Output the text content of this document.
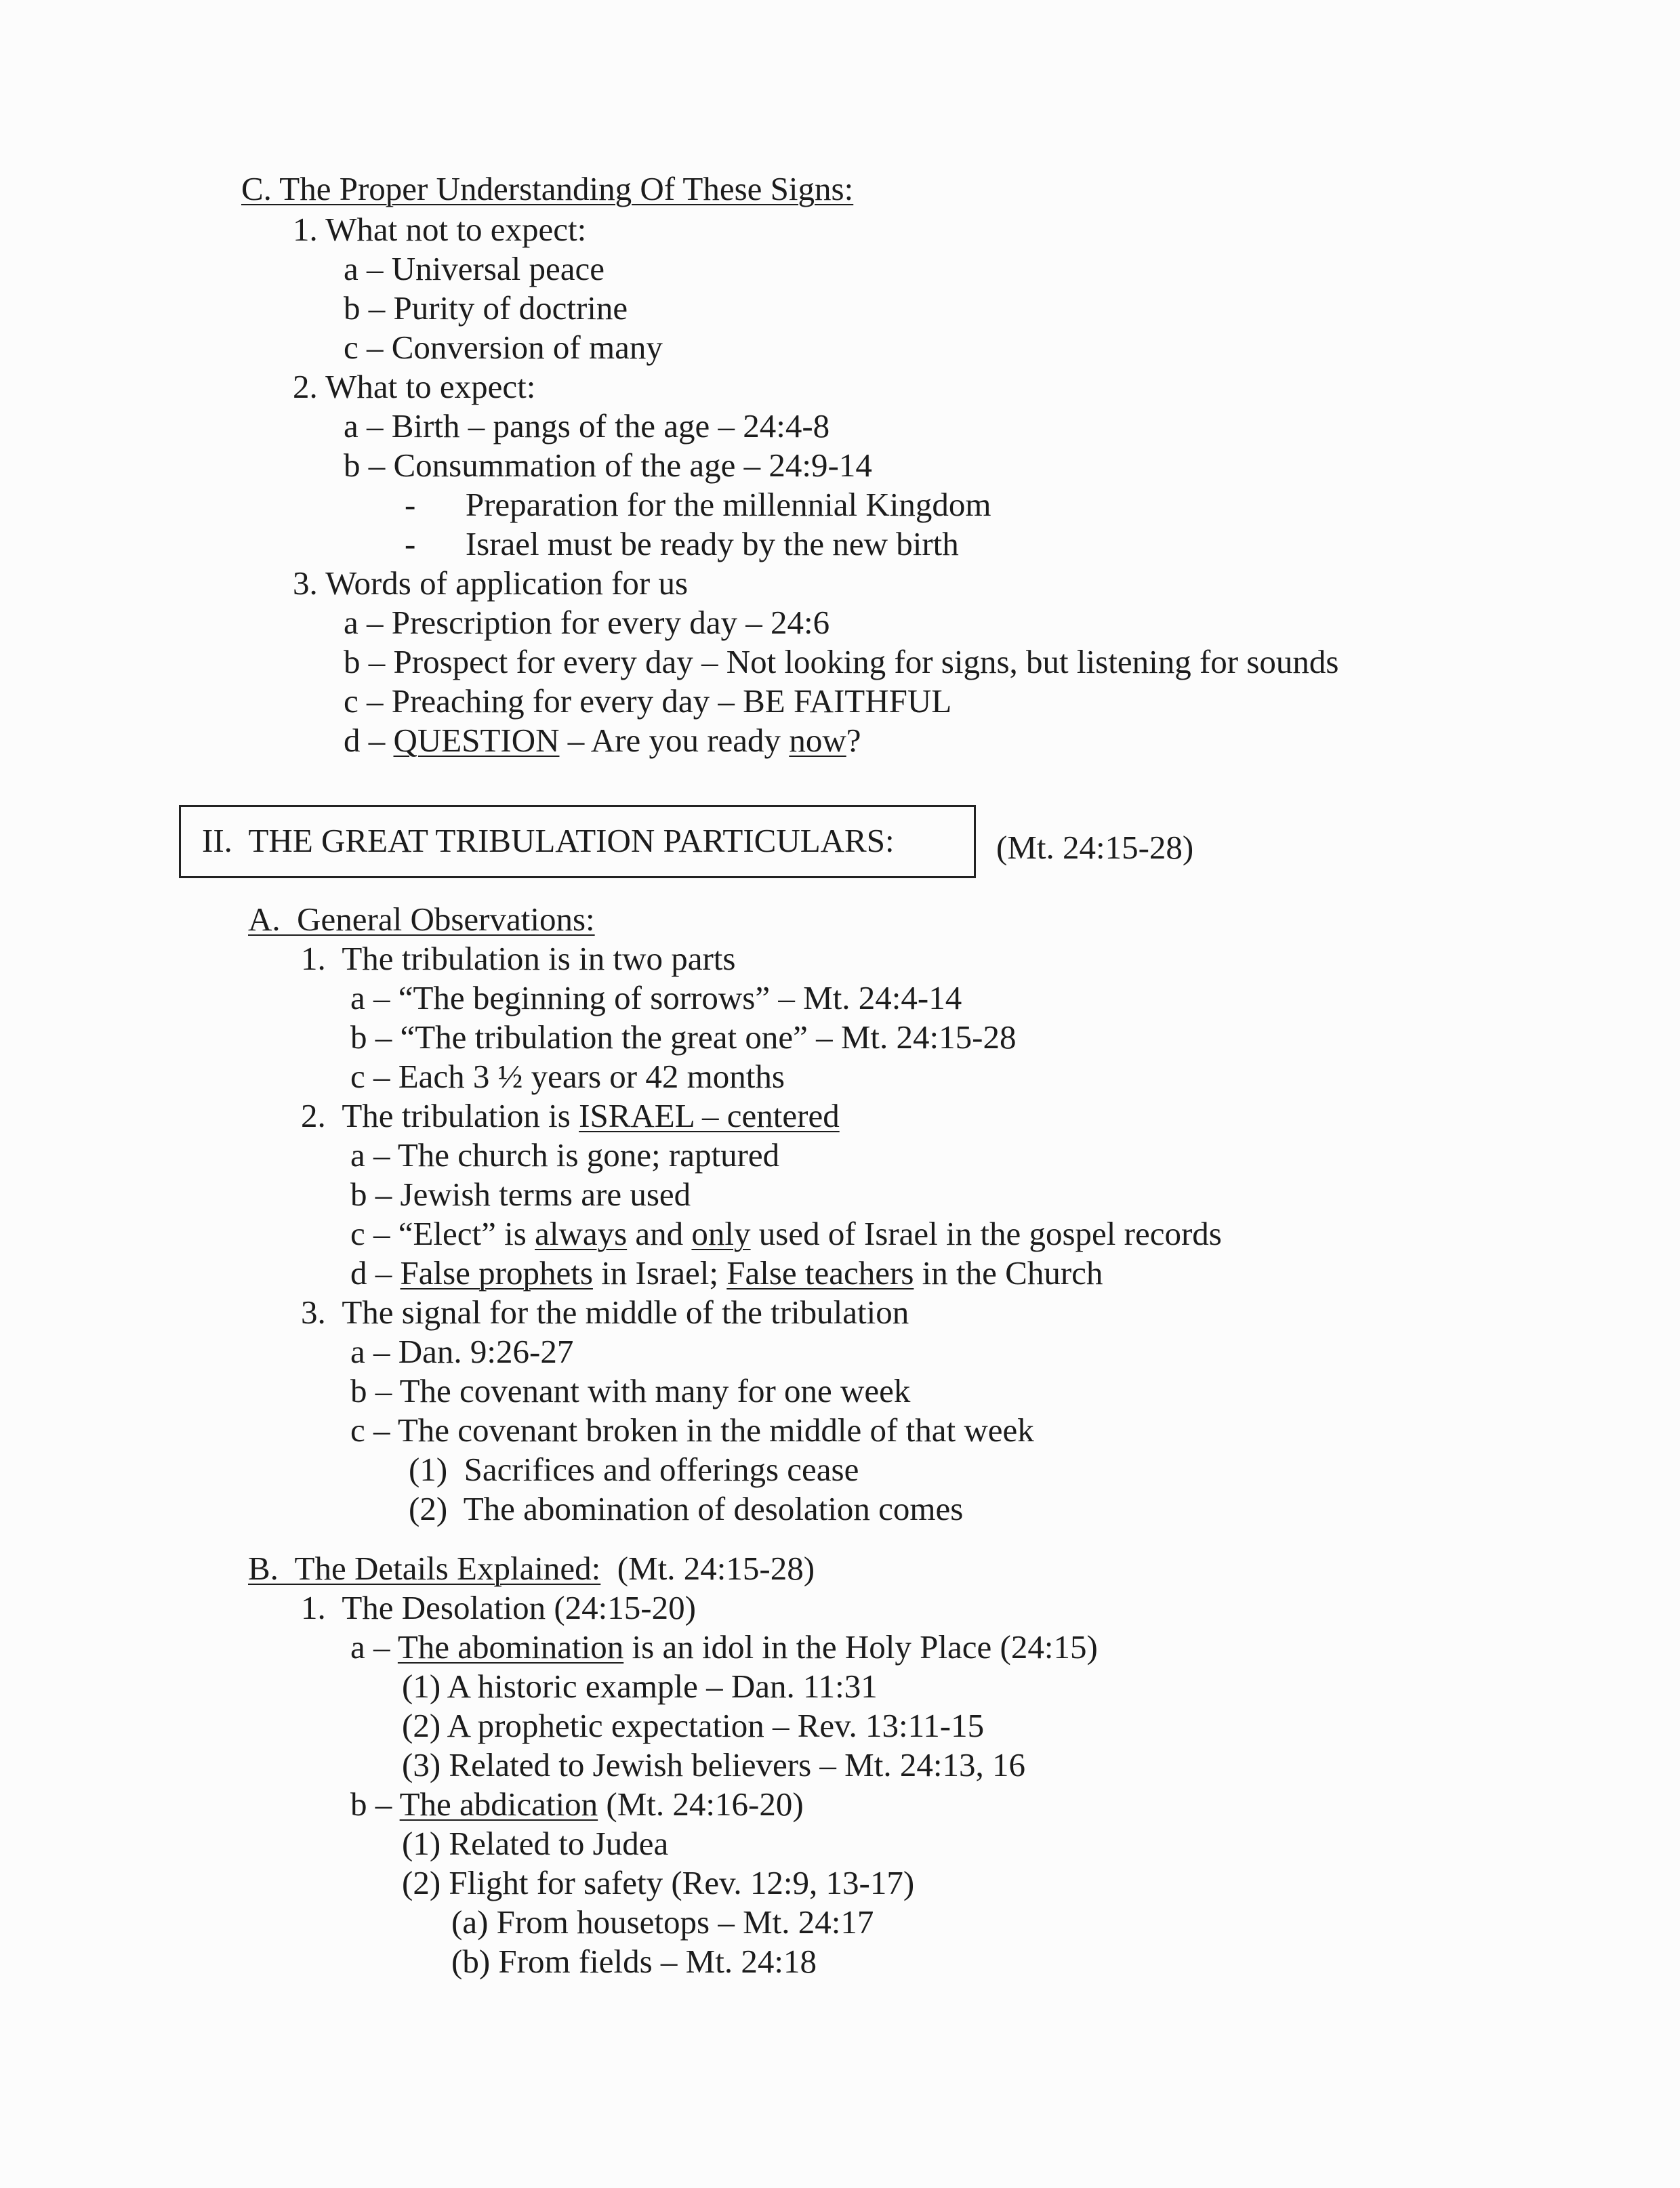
C. The Proper Understanding Of These Signs:
1. What not to expect:
a – Universal peace
b – Purity of doctrine
c – Conversion of many
2. What to expect:
a – Birth – pangs of the age – 24:4-8
b – Consummation of the age – 24:9-14
-      Preparation for the millennial Kingdom
-      Israel must be ready by the new birth
3. Words of application for us
a – Prescription for every day – 24:6
b – Prospect for every day – Not looking for signs, but listening for sounds
c – Preaching for every day – BE FAITHFUL
d – QUESTION – Are you ready now?
II.  THE GREAT TRIBULATION PARTICULARS:	(Mt. 24:15-28)
A.  General Observations:
1.  The tribulation is in two parts
a – “The beginning of sorrows” – Mt. 24:4-14
b – “The tribulation the great one” – Mt. 24:15-28
c – Each 3 ½ years or 42 months
2.  The tribulation is ISRAEL – centered
a – The church is gone; raptured
b – Jewish terms are used
c – “Elect” is always and only used of Israel in the gospel records
d – False prophets in Israel; False teachers in the Church
3.  The signal for the middle of the tribulation
a – Dan. 9:26-27
b – The covenant with many for one week
c – The covenant broken in the middle of that week
(1)  Sacrifices and offerings cease
(2)  The abomination of desolation comes
B.  The Details Explained:  (Mt. 24:15-28)
1.  The Desolation (24:15-20)
a – The abomination is an idol in the Holy Place (24:15)
(1) A historic example – Dan. 11:31
(2) A prophetic expectation – Rev. 13:11-15
(3) Related to Jewish believers – Mt. 24:13, 16
b – The abdication (Mt. 24:16-20)
(1) Related to Judea
(2) Flight for safety (Rev. 12:9, 13-17)
(a) From housetops – Mt. 24:17
(b) From fields – Mt. 24:18
